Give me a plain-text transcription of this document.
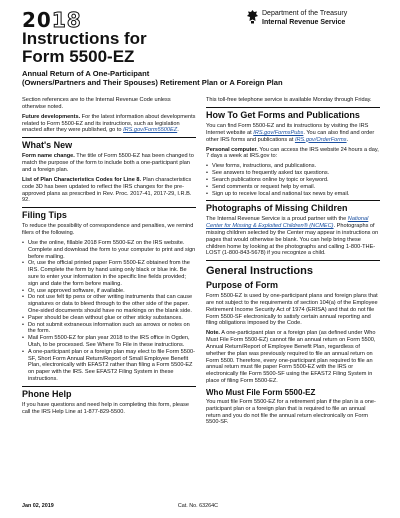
2018
Instructions for
Form 5500-EZ
Department of the Treasury
Internal Revenue Service
Annual Return of A One-Participant
(Owners/Partners and Their Spouses) Retirement Plan or A Foreign Plan

Section references are to the Internal Revenue Code unless otherwise noted.

Future developments. For the latest information about developments related to Form 5500-EZ and its instructions, such as legislation enacted after they were published, go to IRS.gov/Form5500EZ.

What's New

Form name change. The title of Form 5500-EZ has been changed to match the purpose of the form to include both a one-participant plan and a foreign plan.

List of Plan Characteristics Codes for Line 8. Plan characteristics code 3D has been updated to reflect the IRS changes for the pre-approved plans as prescribed in Rev. Proc. 2017-41, 2017-29, I.R.B. 92.

Filing Tips

To reduce the possibility of correspondence and penalties, we remind filers of the following.

• Use the online, fillable 2018 Form 5500-EZ on the IRS website. Complete and download the form to your computer to print and sign before mailing.
• Or, use the official printed paper Form 5500-EZ obtained from the IRS. Complete the form by hand using only black or blue ink. Be sure to enter your information in the specific line fields provided; sign and date the form before mailing.
• Or, use approved software, if available.
• Do not use felt tip pens or other writing instruments that can cause signatures or data to bleed through to the other side of the paper. One-sided documents should have no markings on the blank side.
• Paper should be clean without glue or other sticky substances.
• Do not submit extraneous information such as arrows or notes on the form.
• Mail Form 5500-EZ for plan year 2018 to the IRS office in Ogden, Utah, to be processed. See Where To File in these instructions.
• A one-participant plan or a foreign plan may elect to file Form 5500-SF, Short Form Annual Return/Report of Small Employee Benefit Plan, electronically with EFAST2 rather than filing a Form 5500-EZ on paper with the IRS. See EFAST2 Filing System in these instructions.
Phone Help

If you have questions and need help in completing this form, please call the IRS Help Line at 1-877-829-5500.

This toll-free telephone service is available Monday through Friday.

How To Get Forms and Publications

You can find Form 5500-EZ and its instructions by visiting the IRS Internet website at IRS.gov/FormsPubs. You can also find and order other IRS forms and publications at IRS.gov/OrderForms.

Personal computer. You can access the IRS website 24 hours a day, 7 days a week at IRS.gov to:

• View forms, instructions, and publications.
• See answers to frequently asked tax questions.
• Search publications online by topic or keyword.
• Send comments or request help by email.
• Sign up to receive local and national tax news by email.
Photographs of Missing Children

The Internal Revenue Service is a proud partner with the National Center for Missing & Exploited Children® (NCMEC). Photographs of missing children selected by the Center may appear in instructions on pages that would otherwise be blank. You can help bring these children home by looking at the photographs and calling 1-800-THE-LOST (1-800-843-5678) if you recognize a child.

General Instructions
Purpose of Form

Form 5500-EZ is used by one-participant plans and foreign plans that are not subject to the requirements of section 104(a) of the Employee Retirement Income Security Act of 1974 (ERISA) and that do not file Form 5500-SF electronically to satisfy certain annual reporting and filing obligations imposed by the Code.

Note. A one-participant plan or a foreign plan (as defined under Who Must File Form 5500-EZ) cannot file an annual return on Form 5500, Annual Return/Report of Employee Benefit Plan, regardless of whether the plan was previously required to file an annual return on Form 5500. Therefore, every one-participant plan required to file an annual return must file paper Form 5500-EZ with the IRS or electronically file Form 5500-SF using the EFAST2 Filing System in place of filing Form 5500-EZ.

Who Must File Form 5500-EZ

You must file Form 5500-EZ for a retirement plan if the plan is a one-participant plan or a foreign plan that is required to file an annual return and you do not file the annual return electronically on Form 5500-SF.

Jan 02, 2019	Cat. No. 63264C
